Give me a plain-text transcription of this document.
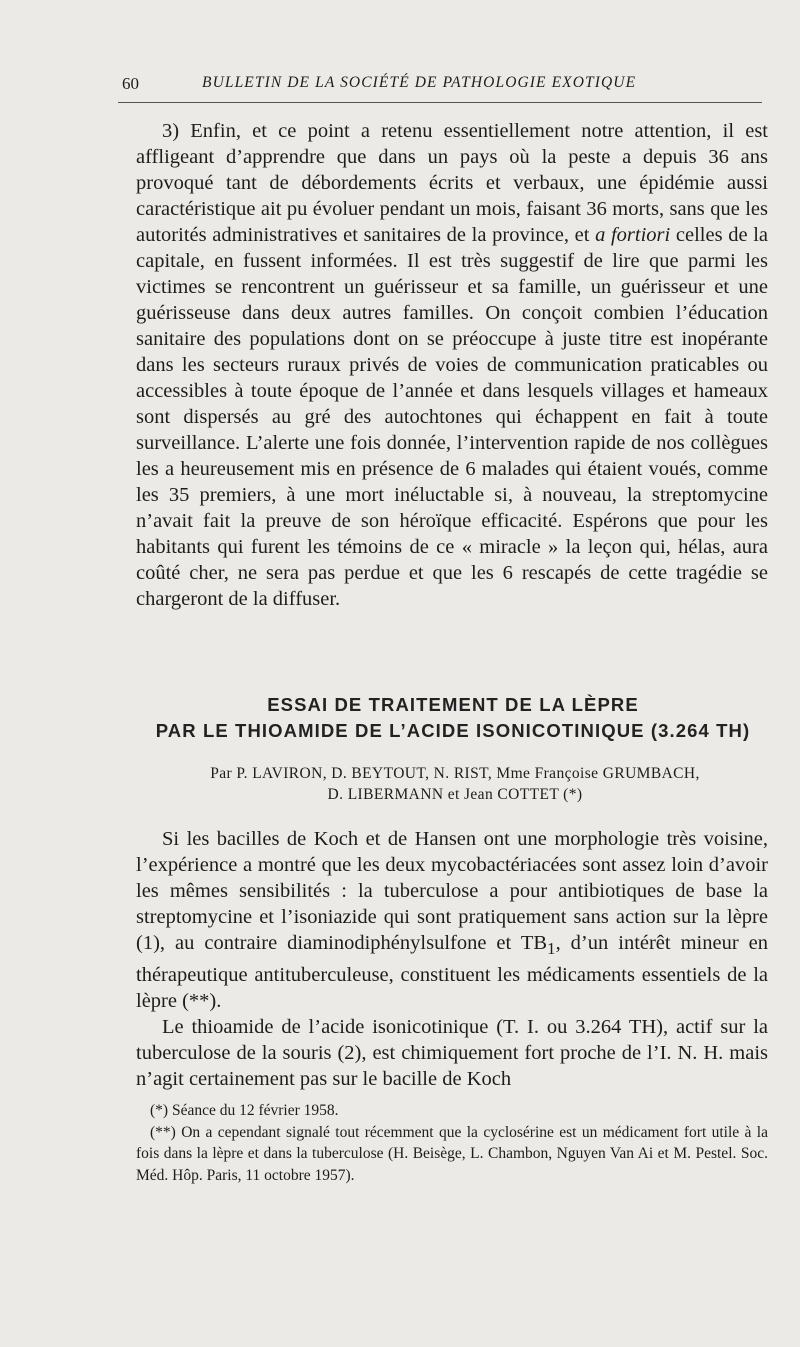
60	BULLETIN DE LA SOCIÉTÉ DE PATHOLOGIE EXOTIQUE

3) Enfin, et ce point a retenu essentiellement notre attention, il est affligeant d’apprendre que dans un pays où la peste a depuis 36 ans provoqué tant de débordements écrits et verbaux, une épidémie aussi caractéristique ait pu évoluer pendant un mois, faisant 36 morts, sans que les autorités administratives et sanitaires de la province, et a fortiori celles de la capitale, en fussent informées. Il est très suggestif de lire que parmi les victimes se rencontrent un guérisseur et sa famille, un guérisseur et une guérisseuse dans deux autres familles. On conçoit combien l’éducation sanitaire des populations dont on se préoccupe à juste titre est inopérante dans les secteurs ruraux privés de voies de communication praticables ou accessibles à toute époque de l’année et dans lesquels villages et hameaux sont dispersés au gré des autochtones qui échappent en fait à toute surveillance. L’alerte une fois donnée, l’intervention rapide de nos collègues les a heureusement mis en présence de 6 malades qui étaient voués, comme les 35 premiers, à une mort inéluctable si, à nouveau, la streptomycine n’avait fait la preuve de son héroïque efficacité. Espérons que pour les habitants qui furent les témoins de ce « miracle » la leçon qui, hélas, aura coûté cher, ne sera pas perdue et que les 6 rescapés de cette tragédie se chargeront de la diffuser.

ESSAI DE TRAITEMENT DE LA LÈPRE
PAR LE THIOAMIDE DE L’ACIDE ISONICOTINIQUE (3.264 TH)
Par P. LAVIRON, D. BEYTOUT, N. RIST, Mme Françoise GRUMBACH,
D. LIBERMANN et Jean COTTET (*)

Si les bacilles de Koch et de Hansen ont une morphologie très voisine, l’expérience a montré que les deux mycobactériacées sont assez loin d’avoir les mêmes sensibilités : la tuberculose a pour antibiotiques de base la streptomycine et l’isoniazide qui sont pratiquement sans action sur la lèpre (1), au contraire diaminodiphénylsulfone et $TB_1$, d’un intérêt mineur en thérapeutique antituberculeuse, constituent les médicaments essentiels de la lèpre (**).

Le thioamide de l’acide isonicotinique (T. I. ou 3.264 TH), actif sur la tuberculose de la souris (2), est chimiquement fort proche de l’I. N. H. mais n’agit certainement pas sur le bacille de Koch

(*) Séance du 12 février 1958.
(**) On a cependant signalé tout récemment que la cyclosérine est un médicament fort utile à la fois dans la lèpre et dans la tuberculose (H. Beisège, L. Chambon, Nguyen Van Ai et M. Pestel. Soc. Méd. Hôp. Paris, 11 octobre 1957).
